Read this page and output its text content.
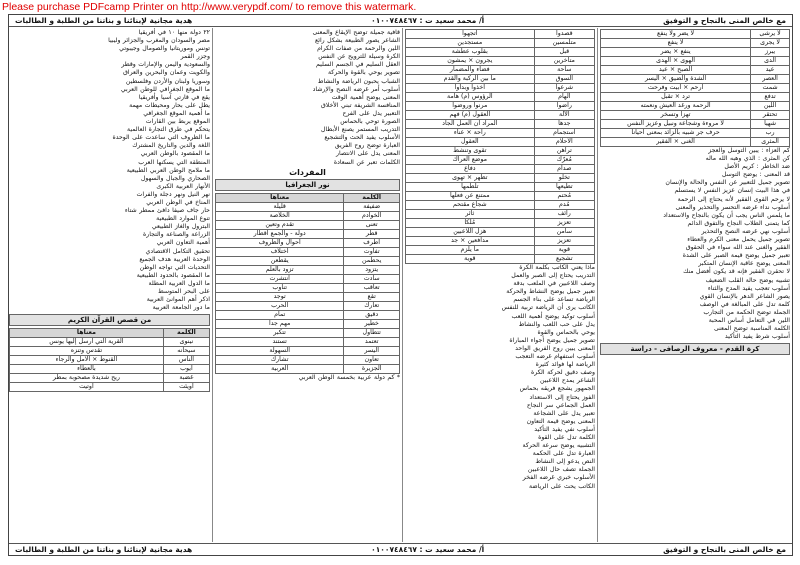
Please purchase PDFcamp Printer on http://www.verypdf.com/ to remove this watermark.
مع خالص المنى بالنجاح و التوفيق
أ/ محمد سعيد ت : ٠١٠٠٧٤٨٤٦٧
هدية مجانية لإبنائنا و بناتنا من الطلبة و الطالبات
لا يرشى	لا يضر ولا ينفع
لا يجرى	لا ينفع
يبرز	ينفع × يضر
الدى	الهوى × الهدى
عيد	الصبح × عيد
العصر	الشدة والضيق × اليسر
شمت	أرحم × أبيت وفرحت
تدفع	ترد × تقبل
اللين	الرحمة ورغد العيش ونعمته
تحتقر	تهزأ وتسخر
شهيا	لا مروءة وشجاعة ونبيل وعزيز النفس
رب	حرف جر شبيه بالزائد بمعنى أحيانا
المثرى	الغنى × الفقير

كم العزاء : يبين التوسل والعجز

كن المثرى : الذي وهبه الله ماله

ضد الخاطر : كريم الأصل

قد المعنى : يوضح التوسل

تصوير جميل للتعبير عن النفس والحالة والإنسان

في هذا البيت إنسان عزيز النفس لا يستسلم

لا يرحم القوى الفقير لأنه يحتاج إلى الرحمة

أسلوب نداء غرضه التحسر والتحذير والمعنى

ما يلمس الناس يجب أن يكون بالنجاح والاستعداد

كما يتمنى الطلاب النجاح والتفوق الدائم

أسلوب نهي غرضه النصح والتحذير

تصوير جميل يحمل معنى الكرم والعطاء

الفقير والغنى عند الله سواء في الحقوق

تعبير جميل يوضح قيمة الصبر على الشدة

المعنى يوضح عاقبة الإنسان المتكبر

لا تحقرن الفقير فإنه قد يكون أفضل منك

تشبيه يوضح حالة القلب الضعيف

أسلوب تعجب يفيد المدح والثناء

يصور الشاعر الدهر بالإنسان القوي

كلمة تدل على المبالغة في الوصف

الجملة توضح الحكمة من التجارب

اللين في التعامل أساس المحبة

الكلمة المناسبة توضح المعنى

أسلوب شرط يفيد التأكيد

كرة القدم - معروف الرصافى - دراسة
قصدوا	أتجهوا
متلمسين	مستجدين
قبل	بقلوب عطشة
متأخرين	يجرون × يمشون
ساحة	فضاء والمضمار
السوق	ما بين الركبة والقدم
شرعوا	أخذوا وبدأوا
الهام	الرؤوس (م) هامة
راضوا	مرنوا وروضوا
الآلة	العقول (م) فهم
جدها	المراد أن العمل الجاد
استجمام	راحة × عناء
الأحلام	العقول
تراهن	تقوى وتنشط
مُعرّك	موضع العراك
صدام	دفاع
تخلو	تظهر × تهوى
تطيعها	تلطمها
مُحتم	ممتنع عن فعلها
مُدم	شجاع مقتحم
رائف	ثائر
تعزيز	مُلكا
سامن	هزل اللاعبين
تعزيز	مدافعين × جد
قوية	ما يلزم
تشجيع	قوية

ماذا يعني الكاتب بكلمة الكرة

التدريب يحتاج إلى الصبر والعمل

وصف اللاعبين في الملعب بدقة

تعبير جميل يوضح النشاط والحركة

الرياضة تساعد على بناء الجسم

الكاتب يرى أن الرياضة تربية للنفس

أسلوب توكيد يوضح أهمية اللعب

يدل على حب اللعب والنشاط

يوحي بالحماس والقوة

تصوير جميل يوضح أجواء المباراة

المعنى يبين روح الفريق الواحد

أسلوب استفهام غرضه التعجب

الرياضة لها فوائد كثيرة

وصف دقيق لحركة الكرة

الشاعر يمدح اللاعبين

الجمهور يشجع فريقه بحماس

الفوز يحتاج إلى الاستعداد

العمل الجماعي سر النجاح

تعبير يدل على الشجاعة

المعنى يوضح قيمة التعاون

أسلوب نفي يفيد التأكيد

الكلمة تدل على القوة

التشبيه يوضح سرعة الحركة

العبارة تدل على الحكمة

النص يدعو إلى النشاط

الجملة تصف حال اللاعبين

الأسلوب خبري غرضه الفخر

الكاتب يحث على الرياضة

قافية جميلة توضح الإيقاع والمعنى

الشاعر يصور الطبيعة بشكل رائع

اللين والرحمة من صفات الكرام

الكرة وسيلة للترويح عن النفس

العقل السليم في الجسم السليم

تصوير يوحي بالقوة والحركة

الشباب يحبون الرياضة والنشاط

أسلوب أمر غرضه النصح والإرشاد

المعنى يوضح أهمية الوقت

المنافسة الشريفة تبني الأخلاق

التعبير يدل على الفرح

الصورة توحي بالحماس

التدريب المستمر يصنع الأبطال

الأسلوب يفيد الحث والتشجيع

العبارة توضح روح الفريق

المعنى يدل على الانتصار

الكلمات تعبر عن السعادة

المفردات
نور الجغرافيا
الكلمة	معناها
ضفيفة	قليلة
الخوادم	الخلاصة
تعنى	تقدم وتعين
قطر	دولة - والجمع أقطار
أطرف	أحوال والظروف
تفاوت	اختلاف
يحطمن	يقطعن
يتزود	تزود بالعلم
سادت	انتشرت
تعاقب	تناوب
تقع	توجد
تعارك	الحرب
دقيق	تمام
خطير	مهم جدا
تتطاول	تتكبر
تعتمد	تستند
اليسر	السهولة
تعاون	تشارك
الجزيرة	العربية
* كم دولة عربية بخمسة الوطن العربي

٢٢ دولة منها ١٠ في أفريقيا

مصر والسودان والمغرب والجزائر وليبيا

تونس وموريتانيا والصومال وجيبوتي

وجزر القمر

والسعودية واليمن والإمارات وقطر

والكويت وعمان والبحرين والعراق

وسوريا ولبنان والأردن وفلسطين

ما الموقع الجغرافي للوطن العربي

يقع في قارتي آسيا وأفريقيا

يطل على بحار ومحيطات مهمة

ما أهمية الموقع الجغرافي

الموقع يربط بين القارات

يتحكم في طرق التجارة العالمية

ما الظروف التي ساعدت على الوحدة

اللغة والدين والتاريخ المشترك

ما المقصود بالوطن العربي

المنطقة التي يسكنها العرب

ما ملامح الوطن العربي الطبيعية

الصحاري والجبال والسهول

الأنهار العربية الكبرى

نهر النيل ونهر دجلة والفرات

المناخ في الوطن العربي

حار جاف صيفا دافئ ممطر شتاء

تنوع الموارد الطبيعية

البترول والغاز الطبيعي

الزراعة والصناعة والتجارة

أهمية التعاون العربي

تحقيق التكامل الاقتصادي

الوحدة العربية هدف الجميع

التحديات التي تواجه الوطن

ما المقصود بالحدود الطبيعية

ما الدول العربية المطلة

على البحر المتوسط

اذكر أهم الموانئ العربية

ما دور الجامعة العربية

من قصص القرآن الكريم
الكلمة	معناها
نينوى	القرية التي أرسل إليها يونس
سيحانه	تقدس وتنزه
الناس	القنوط × الأمل والرجاء
أيوب	بالعطاء
غضبة	ريح شديدة مصحوبة بمطر
أويئت	أوتيت
مع خالص المنى بالنجاح و التوفيق
أ/ محمد سعيد ت : ٠١٠٠٧٤٨٤٦٧
هدية مجانية لإبنائنا و بناتنا من الطلبة و الطالبات
